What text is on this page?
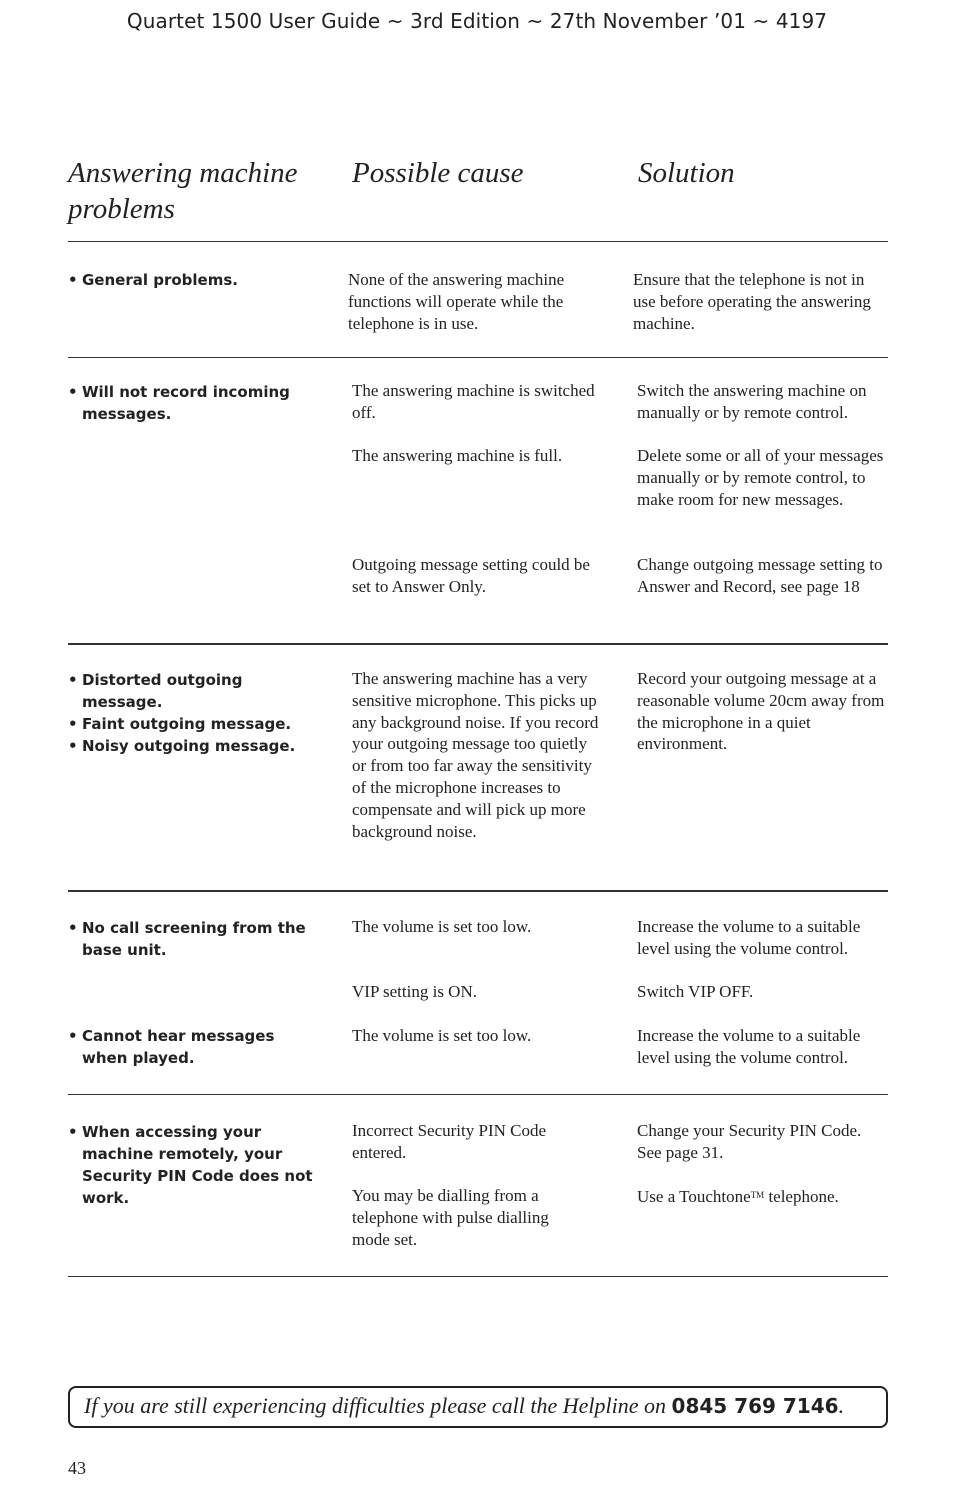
Quartet 1500 User Guide ~ 3rd Edition ~ 27th November ’01 ~ 4197
Answering machine
problems
Possible cause	Solution
• General problems.	None of the answering machine functions will operate while the telephone is in use.
Ensure that the telephone is not in use before operating the answering machine.
• Will not record incoming messages.
The answering machine is switched off.
The answering machine is full.
Outgoing message setting could be set to Answer Only.
Switch the answering machine on manually or by remote control.
Delete some or all of your messages manually or by remote control, to make room for new messages.
Change outgoing message setting to Answer and Record, see page 18
• Distorted outgoing message.
• Faint outgoing message.
• Noisy outgoing message.
The answering machine has a very sensitive microphone. This picks up any background noise. If you record your outgoing message too quietly or from too far away the sensitivity of the microphone increases to compensate and will pick up more background noise.
Record your outgoing message at a reasonable volume 20cm away from the microphone in a quiet environment.
• No call screening from the base unit.
• Cannot hear messages when played.
The volume is set too low.
VIP setting is ON.
The volume is set too low.
Increase the volume to a suitable level using the volume control.
Switch VIP OFF.
Increase the volume to a suitable level using the volume control.
• When accessing your machine remotely, your Security PIN Code does not work.
Incorrect Security PIN Code entered.
You may be dialling from a telephone with pulse dialling mode set.
Change your Security PIN Code. See page 31.
Use a Touchtone™ telephone.
If you are still experiencing difficulties please call the Helpline on 0845 769 7146.
43
